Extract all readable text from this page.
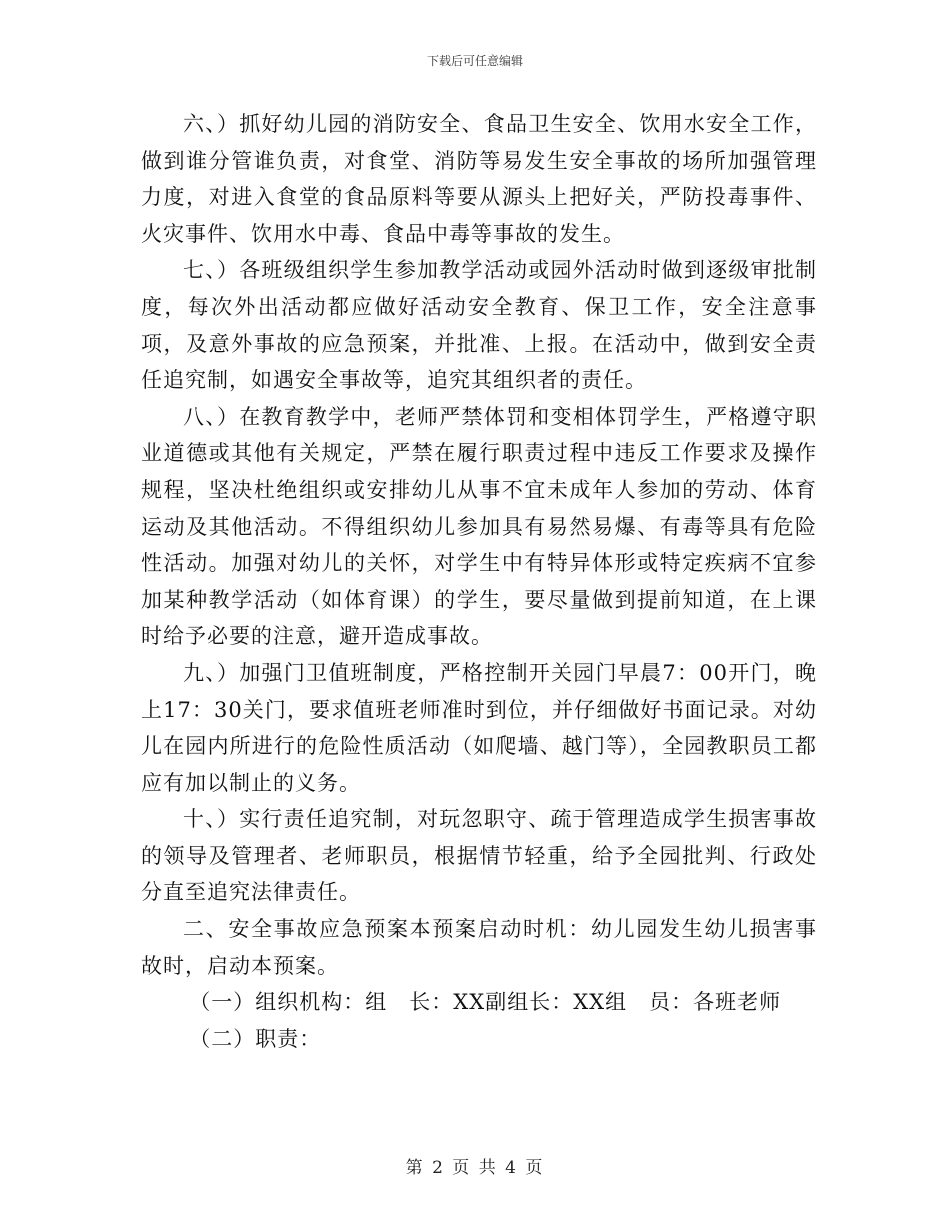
下载后可任意编辑

六、）抓好幼儿园的消防安全、食品卫生安全、饮用水安全工作，做到谁分管谁负责，对食堂、消防等易发生安全事故的场所加强管理力度，对进入食堂的食品原料等要从源头上把好关，严防投毒事件、火灾事件、饮用水中毒、食品中毒等事故的发生。

七、）各班级组织学生参加教学活动或园外活动时做到逐级审批制度，每次外出活动都应做好活动安全教育、保卫工作，安全注意事项，及意外事故的应急预案，并批准、上报。在活动中，做到安全责任追究制，如遇安全事故等，追究其组织者的责任。

八、）在教育教学中，老师严禁体罚和变相体罚学生，严格遵守职业道德或其他有关规定，严禁在履行职责过程中违反工作要求及操作规程，坚决杜绝组织或安排幼儿从事不宜未成年人参加的劳动、体育运动及其他活动。不得组织幼儿参加具有易然易爆、有毒等具有危险性活动。加强对幼儿的关怀，对学生中有特异体形或特定疾病不宜参加某种教学活动（如体育课）的学生，要尽量做到提前知道，在上课时给予必要的注意，避开造成事故。

九、）加强门卫值班制度，严格控制开关园门早晨7：00开门，晚上17：30关门，要求值班老师准时到位，并仔细做好书面记录。对幼儿在园内所进行的危险性质活动（如爬墙、越门等），全园教职员工都应有加以制止的义务。

十、）实行责任追究制，对玩忽职守、疏于管理造成学生损害事故的领导及管理者、老师职员，根据情节轻重，给予全园批判、行政处分直至追究法律责任。

二、安全事故应急预案本预案启动时机：幼儿园发生幼儿损害事故时，启动本预案。

（一）组织机构：组　长：XX副组长：XX组　员：各班老师

（二）职责：

第 2 页 共 4 页
